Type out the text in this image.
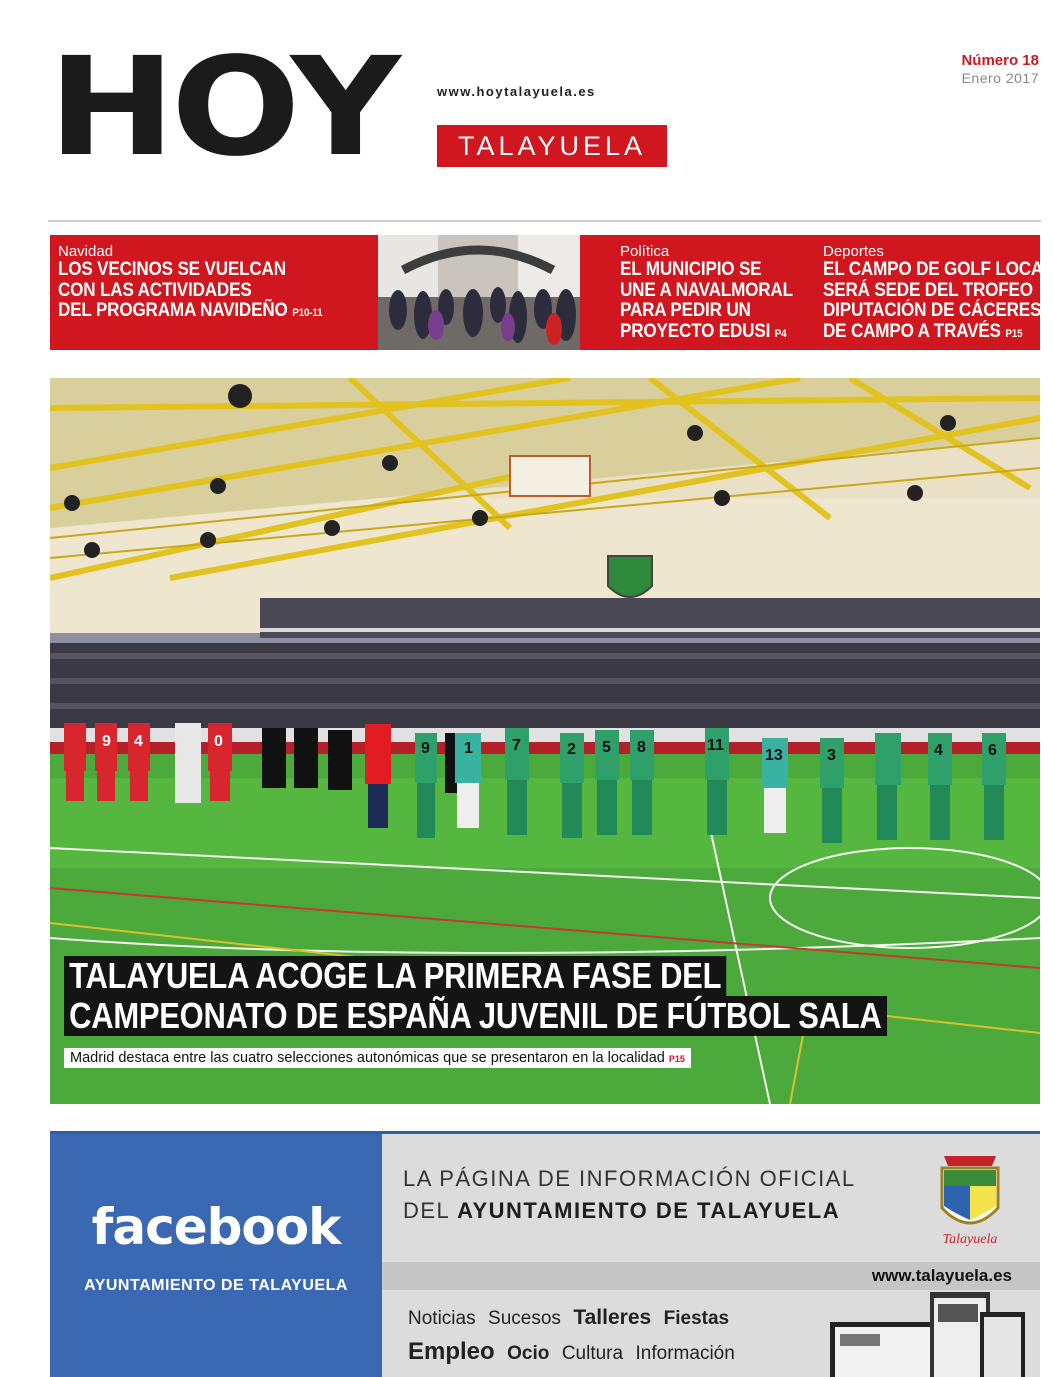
HOY	www.hoytalayuela.es
TALAYUELA
Número 18
Enero 2017
Navidad
LOS VECINOS SE VUELCAN
CON LAS ACTIVIDADES
DEL PROGRAMA NAVIDEÑO P10-11
Política
EL MUNICIPIO SE
UNE A NAVALMORAL
PARA PEDIR UN
PROYECTO EDUSI P4
Deportes
EL CAMPO DE GOLF LOCAL
SERÁ SEDE DEL TROFEO
DIPUTACIÓN DE CÁCERES
DE CAMPO A TRAVÉS P15
9 4	0	9 1 7	2 5 8	11
13	3	4	6
TALAYUELA ACOGE LA PRIMERA FASE DEL
CAMPEONATO DE ESPAÑA JUVENIL DE FÚTBOL SALA
Madrid destaca entre las cuatro selecciones autonómicas que se presentaron en la localidad P15
facebook
AYUNTAMIENTO DE TALAYUELA
LA PÁGINA DE INFORMACIÓN OFICIAL
DEL AYUNTAMIENTO DE TALAYUELA
Talayuela
www.talayuela.es
Noticias Sucesos Talleres Fiestas
Empleo Ocio Cultura Información
